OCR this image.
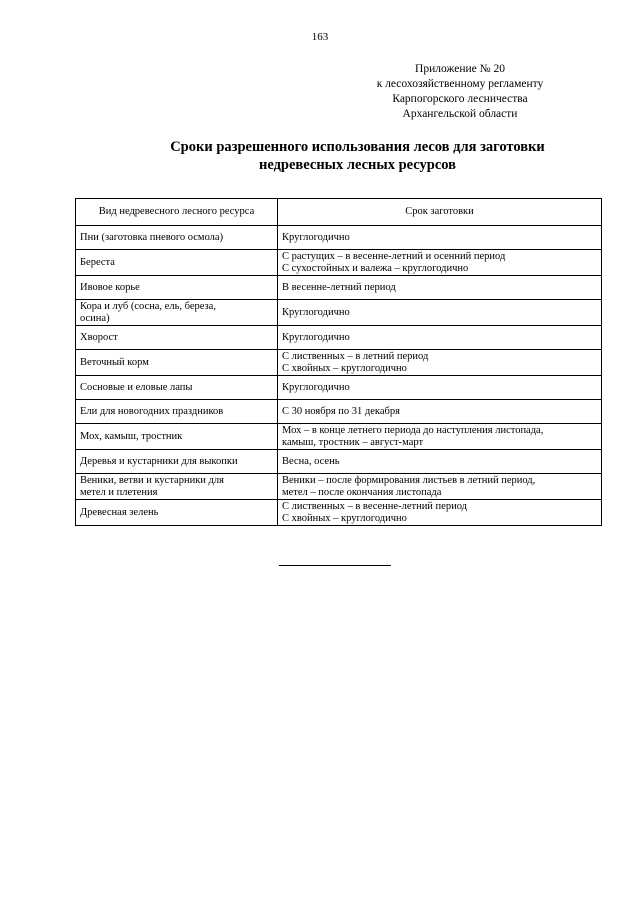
163
Приложение № 20
к лесохозяйственному регламенту
Карпогорского лесничества
Архангельской области
Сроки разрешенного использования лесов для заготовки
недревесных лесных ресурсов
Вид недревесного лесного ресурса	Срок заготовки

Пни (заготовка пневого осмола)	Круглогодично

Береста	С растущих – в весенне-летний и осенний период
С сухостойных и валежа – круглогодично

Ивовое корье	В весенне-летний период

Кора и луб (сосна, ель, береза,
осина)	Круглогодично

Хворост	Круглогодично

Веточный корм	С лиственных – в летний период
С хвойных – круглогодично

Сосновые и еловые лапы	Круглогодично

Ели для новогодних праздников	С 30 ноября по 31 декабря

Мох, камыш, тростник	Мох – в конце летнего периода до наступления листопада,
камыш, тростник – август-март

Деревья и кустарники для выкопки	Весна, осень

Веники, ветви и кустарники для
метел и плетения	Веники – после формирования листьев в летний период,
метел – после окончания листопада

Древесная зелень	С лиственных – в весенне-летний период
С хвойных – круглогодично
